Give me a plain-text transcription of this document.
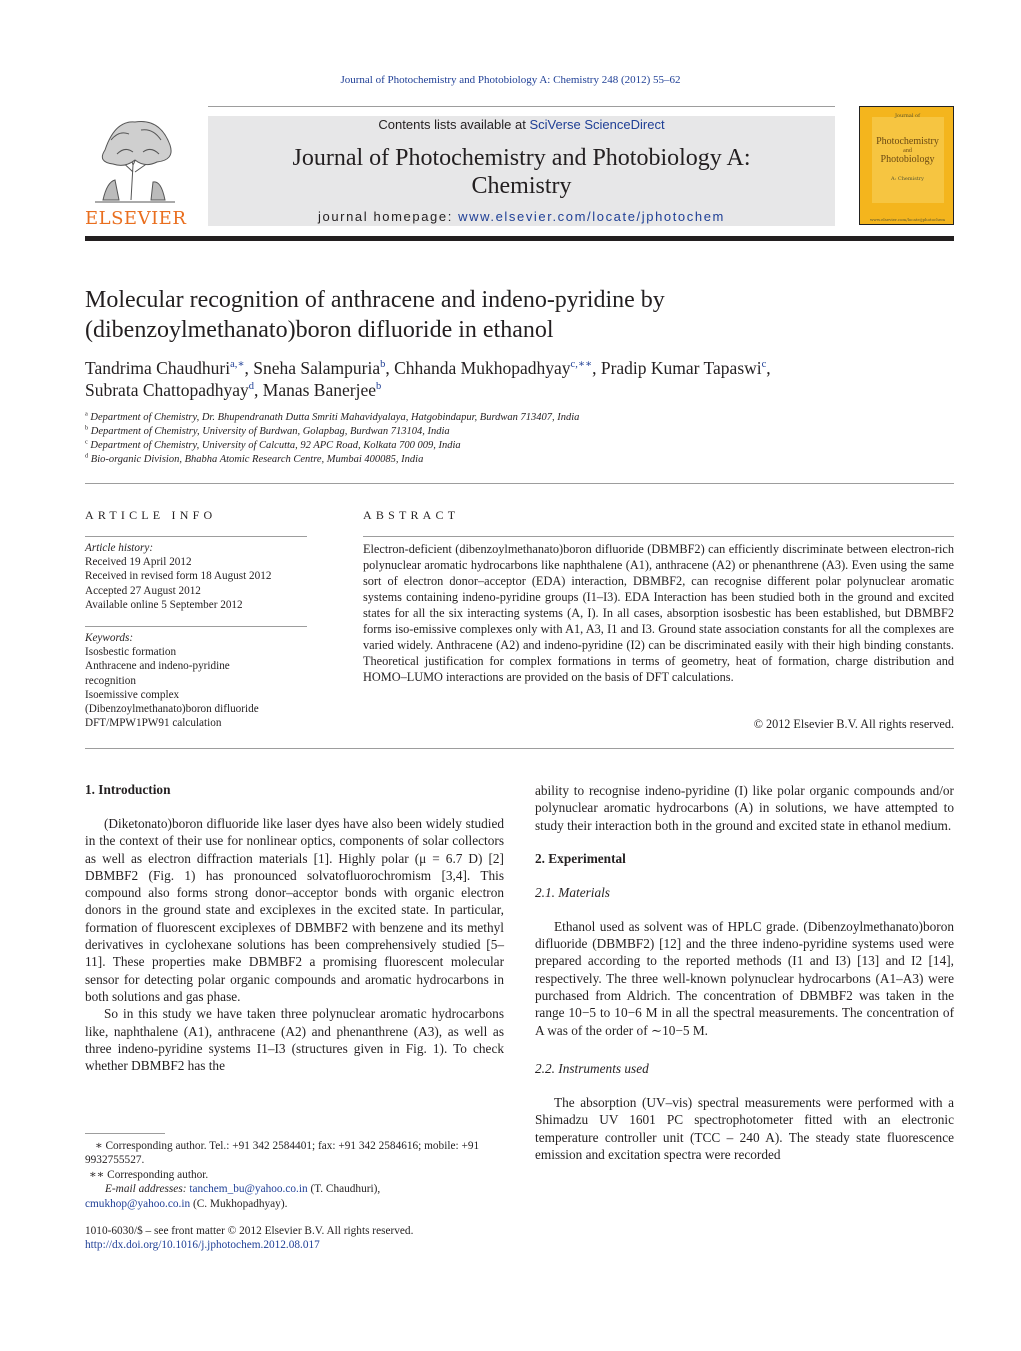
Journal of Photochemistry and Photobiology A: Chemistry 248 (2012) 55–62
ELSEVIER
Contents lists available at SciVerse ScienceDirect
Journal of Photochemistry and Photobiology A:
Chemistry
journal homepage: www.elsevier.com/locate/jphotochem
Journal of
Photochemistry
and
Photobiology
A: Chemistry
www.elsevier.com/locate/jphotochem
Molecular recognition of anthracene and indeno-pyridine by
(dibenzoylmethanato)boron difluoride in ethanol
Tandrima Chaudhuri$^{a,∗}$, Sneha Salampuria$^b$, Chhanda Mukhopadhyay$^{c,∗∗}$, Pradip Kumar Tapaswi$^c$,
Subrata Chattopadhyay$^d$, Manas Banerjee$^b$
$^a$ Department of Chemistry, Dr. Bhupendranath Dutta Smriti Mahavidyalaya, Hatgobindapur, Burdwan 713407, India
$^b$ Department of Chemistry, University of Burdwan, Golapbag, Burdwan 713104, India
$^c$ Department of Chemistry, University of Calcutta, 92 APC Road, Kolkata 700 009, India
$^d$ Bio-organic Division, Bhabha Atomic Research Centre, Mumbai 400085, India
ARTICLE INFO
Article history:
Received 19 April 2012
Received in revised form 18 August 2012
Accepted 27 August 2012
Available online 5 September 2012
Keywords:
Isosbestic formation
Anthracene and indeno-pyridine
recognition
Isoemissive complex
(Dibenzoylmethanato)boron difluoride
DFT/MPW1PW91 calculation
ABSTRACT
Electron-deficient (dibenzoylmethanato)boron difluoride (DBMBF2) can efficiently discriminate between electron-rich polynuclear aromatic hydrocarbons like naphthalene (A1), anthracene (A2) or phenanthrene (A3). Even using the same sort of electron donor–acceptor (EDA) interaction, DBMBF2, can recognise different polar polynuclear aromatic systems containing indeno-pyridine groups (I1–I3). EDA Interaction has been studied both in the ground and excited states for all the six interacting systems (A, I). In all cases, absorption isosbestic has been established, but DBMBF2 forms iso-emissive complexes only with A1, A3, I1 and I3. Ground state association constants for all the complexes are varied widely. Anthracene (A2) and indeno-pyridine (I2) can be discriminated easily with their high binding constants. Theoretical justification for complex formations in terms of geometry, heat of formation, charge distribution and HOMO–LUMO interactions are provided on the basis of DFT calculations.
© 2012 Elsevier B.V. All rights reserved.
1. Introduction
(Diketonato)boron difluoride like laser dyes have also been widely studied in the context of their use for nonlinear optics, components of solar collectors as well as electron diffraction materials [1]. Highly polar (μ = 6.7 D) [2] DBMBF2 (Fig. 1) has pronounced solvatofluorochromism [3,4]. This compound also forms strong donor–acceptor bonds with organic electron donors in the ground state and exciplexes in the excited state. In particular, formation of fluorescent exciplexes of DBMBF2 with benzene and its methyl derivatives in cyclohexane solutions has been comprehensively studied [5–11]. These properties make DBMBF2 a promising fluorescent molecular sensor for detecting polar organic compounds and aromatic hydrocarbons in both solutions and gas phase.
So in this study we have taken three polynuclear aromatic hydrocarbons like, naphthalene (A1), anthracene (A2) and phenanthrene (A3), as well as three indeno-pyridine systems I1–I3 (structures given in Fig. 1). To check whether DBMBF2 has the
ability to recognise indeno-pyridine (I) like polar organic compounds and/or polynuclear aromatic hydrocarbons (A) in solutions, we have attempted to study their interaction both in the ground and excited state in ethanol medium.
2. Experimental
2.1. Materials
Ethanol used as solvent was of HPLC grade. (Dibenzoylmethanato)boron difluoride (DBMBF2) [12] and the three indeno-pyridine systems used were prepared according to the reported methods (I1 and I3) [13] and I2 [14], respectively. The three well-known polynuclear hydrocarbons (A1–A3) were purchased from Aldrich. The concentration of DBMBF2 was taken in the range 10−5 to 10−6 M in all the spectral measurements. The concentration of A was of the order of ∼10−5 M.
2.2. Instruments used
The absorption (UV–vis) spectral measurements were performed with a Shimadzu UV 1601 PC spectrophotometer fitted with an electronic temperature controller unit (TCC – 240 A). The steady state fluorescence emission and excitation spectra were recorded
∗ Corresponding author. Tel.: +91 342 2584401; fax: +91 342 2584616; mobile: +91 9932755527.
∗∗ Corresponding author.
E-mail addresses: tanchem_bu@yahoo.co.in (T. Chaudhuri),
cmukhop@yahoo.co.in (C. Mukhopadhyay).
1010-6030/$ – see front matter © 2012 Elsevier B.V. All rights reserved.
http://dx.doi.org/10.1016/j.jphotochem.2012.08.017
